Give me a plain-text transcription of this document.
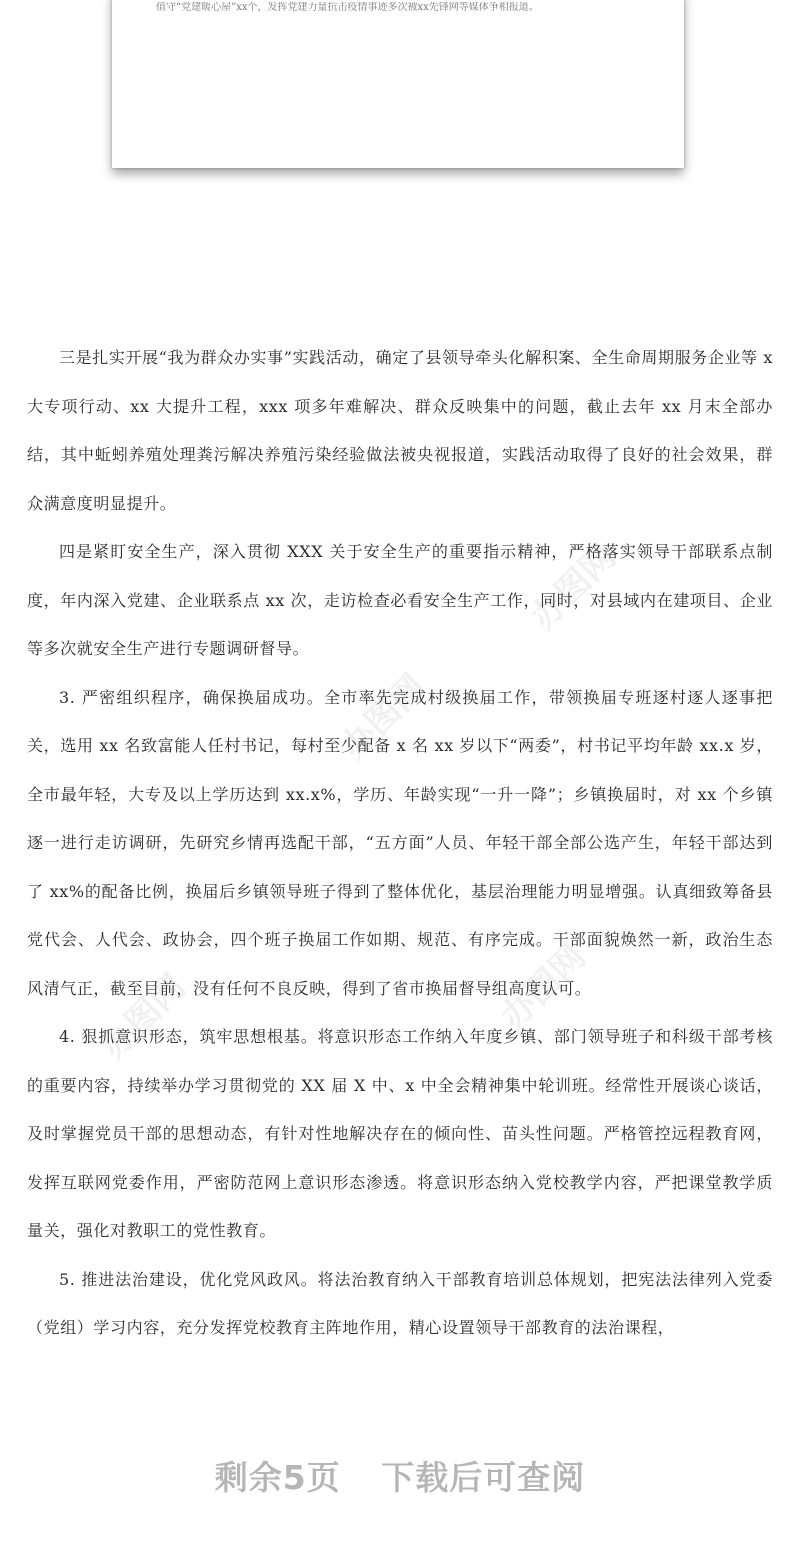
值守“党建暖心屋”xx个，发挥党建力量抗击疫情事迹多次被xx先锋网等媒体争相报道。
办图网
办图网
办图网
办图网

三是扎实开展“我为群众办实事”实践活动，确定了县领导牵头化解积案、全生命周期服务企业等 x 大专项行动、xx 大提升工程，xxx 项多年难解决、群众反映集中的问题，截止去年 xx 月末全部办结，其中蚯蚓养殖处理粪污解决养殖污染经验做法被央视报道，实践活动取得了良好的社会效果，群众满意度明显提升。

四是紧盯安全生产，深入贯彻 XXX 关于安全生产的重要指示精神，严格落实领导干部联系点制度，年内深入党建、企业联系点 xx 次，走访检查必看安全生产工作，同时，对县域内在建项目、企业等多次就安全生产进行专题调研督导。

3. 严密组织程序，确保换届成功。全市率先完成村级换届工作，带领换届专班逐村逐人逐事把关，选用 xx 名致富能人任村书记，每村至少配备 x 名 xx 岁以下“两委”，村书记平均年龄 xx.x 岁，全市最年轻，大专及以上学历达到 xx.x%，学历、年龄实现“一升一降”；乡镇换届时，对 xx 个乡镇逐一进行走访调研，先研究乡情再选配干部，“五方面”人员、年轻干部全部公选产生，年轻干部达到了 xx%的配备比例，换届后乡镇领导班子得到了整体优化，基层治理能力明显增强。认真细致筹备县党代会、人代会、政协会，四个班子换届工作如期、规范、有序完成。干部面貌焕然一新，政治生态风清气正，截至目前，没有任何不良反映，得到了省市换届督导组高度认可。

4. 狠抓意识形态，筑牢思想根基。将意识形态工作纳入年度乡镇、部门领导班子和科级干部考核的重要内容，持续举办学习贯彻党的 XX 届 X 中、x 中全会精神集中轮训班。经常性开展谈心谈话，及时掌握党员干部的思想动态，有针对性地解决存在的倾向性、苗头性问题。严格管控远程教育网，发挥互联网党委作用，严密防范网上意识形态渗透。将意识形态纳入党校教学内容，严把课堂教学质量关，强化对教职工的党性教育。

5. 推进法治建设，优化党风政风。将法治教育纳入干部教育培训总体规划，把宪法法律列入党委（党组）学习内容，充分发挥党校教育主阵地作用，精心设置领导干部教育的法治课程，

剩余5页 下载后可查阅
